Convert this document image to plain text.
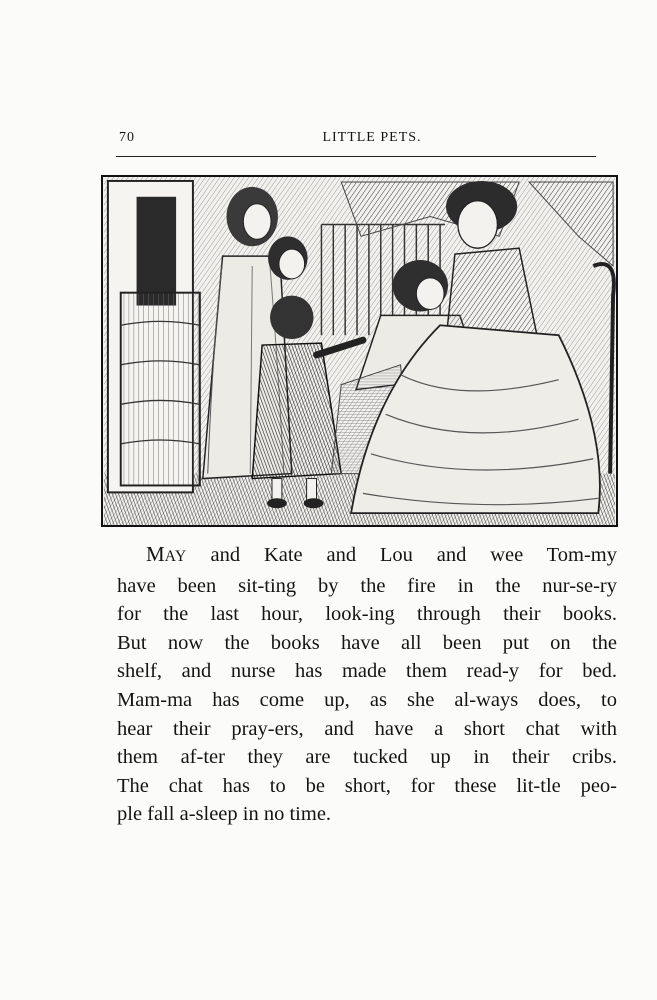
70	LITTLE PETS.
MAY and Kate and Lou and wee Tom-my
have been sit-ting by the fire in the nur-se-ry
for the last hour, look-ing through their books.
But now the books have all been put on the
shelf, and nurse has made them read-y for bed.
Mam-ma has come up, as she al-ways does, to
hear their pray-ers, and have a short chat with
them af-ter they are tucked up in their cribs.
The chat has to be short, for these lit-tle peo-
ple fall a-sleep in no time.
